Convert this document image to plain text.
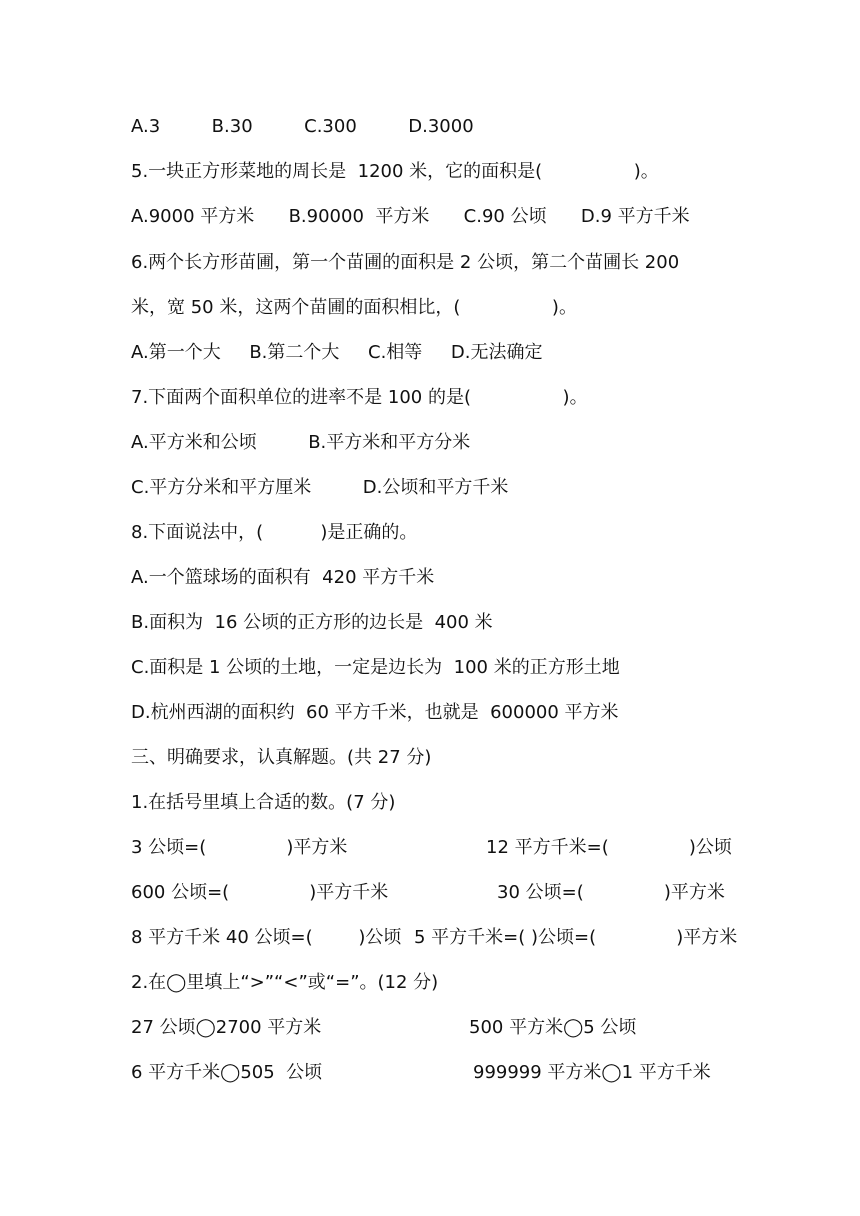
A.3         B.30         C.300         D.3000
5.一块正方形菜地的周长是  1200 米，它的面积是(                )。
A.9000 平方米      B.90000  平方米      C.90 公顷      D.9 平方千米
6.两个长方形苗圃，第一个苗圃的面积是 2 公顷，第二个苗圃长 200
米，宽 50 米，这两个苗圃的面积相比，(                )。
A.第一个大     B.第二个大     C.相等     D.无法确定
7.下面两个面积单位的进率不是 100 的是(                )。
A.平方米和公顷         B.平方米和平方分米
C.平方分米和平方厘米         D.公顷和平方千米
8.下面说法中，(          )是正确的。
A.一个篮球场的面积有  420 平方千米
B.面积为  16 公顷的正方形的边长是  400 米
C.面积是 1 公顷的土地，一定是边长为  100 米的正方形土地
D.杭州西湖的面积约  60 平方千米，也就是  600000 平方米
三、明确要求，认真解题。(共 27 分)
1.在括号里填上合适的数。(7 分)
3 公顷=(              )平方米	12 平方千米=(              )公顷
600 公顷=(              )平方千米	30 公顷=(              )平方米
8 平方千米 40 公顷=(        )公顷 5 平方千米=( )公顷=(              )平方米
2.在◯里填上“>”“<”或“=”。(12 分)
27 公顷◯2700 平方米	500 平方米◯5 公顷
6 平方千米◯505  公顷	999999 平方米◯1 平方千米
